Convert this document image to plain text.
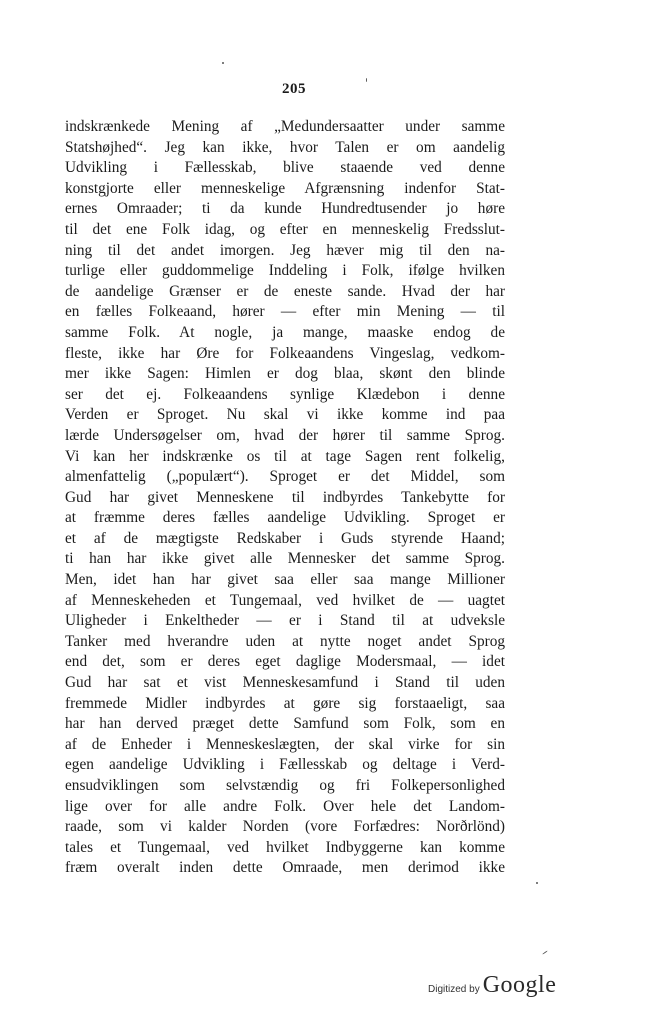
205
indskrænkede Mening af „Medundersaatter under samme
Statshøjhed“. Jeg kan ikke, hvor Talen er om aandelig
Udvikling i Fællesskab, blive staaende ved denne
konstgjorte eller menneskelige Afgrænsning indenfor Stat-
ernes Omraader; ti da kunde Hundredtusender jo høre
til det ene Folk idag, og efter en menneskelig Fredsslut-
ning til det andet imorgen. Jeg hæver mig til den na-
turlige eller guddommelige Inddeling i Folk, ifølge hvilken
de aandelige Grænser er de eneste sande. Hvad der har
en fælles Folkeaand, hører — efter min Mening — til
samme Folk. At nogle, ja mange, maaske endog de
fleste, ikke har Øre for Folkeaandens Vingeslag, vedkom-
mer ikke Sagen: Himlen er dog blaa, skønt den blinde
ser det ej. Folkeaandens synlige Klædebon i denne
Verden er Sproget. Nu skal vi ikke komme ind paa
lærde Undersøgelser om, hvad der hører til samme Sprog.
Vi kan her indskrænke os til at tage Sagen rent folkelig,
almenfattelig („populært“). Sproget er det Middel, som
Gud har givet Menneskene til indbyrdes Tankebytte for
at fræmme deres fælles aandelige Udvikling. Sproget er
et af de mægtigste Redskaber i Guds styrende Haand;
ti han har ikke givet alle Mennesker det samme Sprog.
Men, idet han har givet saa eller saa mange Millioner
af Menneskeheden et Tungemaal, ved hvilket de — uagtet
Uligheder i Enkeltheder — er i Stand til at udveksle
Tanker med hverandre uden at nytte noget andet Sprog
end det, som er deres eget daglige Modersmaal, — idet
Gud har sat et vist Menneskesamfund i Stand til uden
fremmede Midler indbyrdes at gøre sig forstaaeligt, saa
har han derved præget dette Samfund som Folk, som en
af de Enheder i Menneskeslægten, der skal virke for sin
egen aandelige Udvikling i Fællesskab og deltage i Verd-
ensudviklingen som selvstændig og fri Folkepersonlighed
lige over for alle andre Folk. Over hele det Landom-
raade, som vi kalder Norden (vore Forfædres: Norðrlönd)
tales et Tungemaal, ved hvilket Indbyggerne kan komme
fræm overalt inden dette Omraade, men derimod ikke
Digitized by Google
